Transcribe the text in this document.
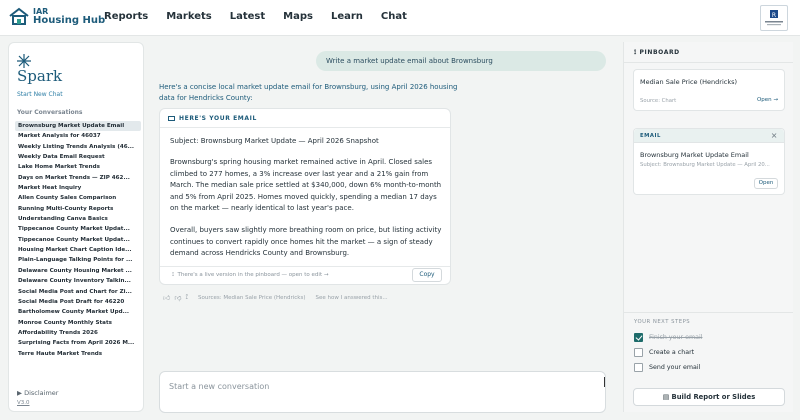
IAR
Housing Hub
Reports Markets Latest Maps Learn Chat	R
Spark
Start New Chat
Your Conversations
Brownsburg Market Update Email
Market Analysis for 46037
Weekly Listing Trends Analysis (46...
Weekly Data Email Request
Lake Home Market Trends
Days on Market Trends — ZIP 462...
Market Heat Inquiry
Allen County Sales Comparison
Running Multi-County Reports
Understanding Canva Basics
Tippecanoe County Market Updat...
Tippecanoe County Market Updat...
Housing Market Chart Caption Ide...
Plain-Language Talking Points for ...
Delaware County Housing Market ...
Delaware County Inventory Talkin...
Social Media Post and Chart for Zi...
Social Media Post Draft for 46220
Bartholomew County Market Upd...
Monroe County Monthly Stats
Affordability Trends 2026
Surprising Facts from April 2026 M...
Terre Haute Market Trends
▶ Disclaimer
V3.0
Write a market update email about Brownsburg
Here's a concise local market update email for Brownsburg, using April 2026 housing data for Hendricks County:
HERE'S YOUR EMAIL
Subject: Brownsburg Market Update — April 2026 Snapshot

Brownsburg's spring housing market remained active in April. Closed sales climbed to 277 homes, a 3% increase over last year and a 21% gain from March. The median sale price settled at $340,000, down 6% month-to-month and 5% from April 2025. Homes moved quickly, spending a median 17 days on the market — nearly identical to last year's pace.

Overall, buyers saw slightly more breathing room on price, but listing activity continues to convert rapidly once homes hit the market — a sign of steady demand across Hendricks County and Brownsburg.

⟟ There's a live version in the pinboard — open to edit →	Copy
👍︎ 👎︎ ⟟ Sources: Median Sale Price (Hendricks) See how I answered this...
Start a new conversation
⟟ PINBOARD
Median Sale Price (Hendricks)
Source: Chart	Open →
EMAIL	×
Brownsburg Market Update Email
Subject: Brownsburg Market Update — April 20...
Open
YOUR NEXT STEPS
Finish your email
Create a chart
Send your email
▤ Build Report or Slides
